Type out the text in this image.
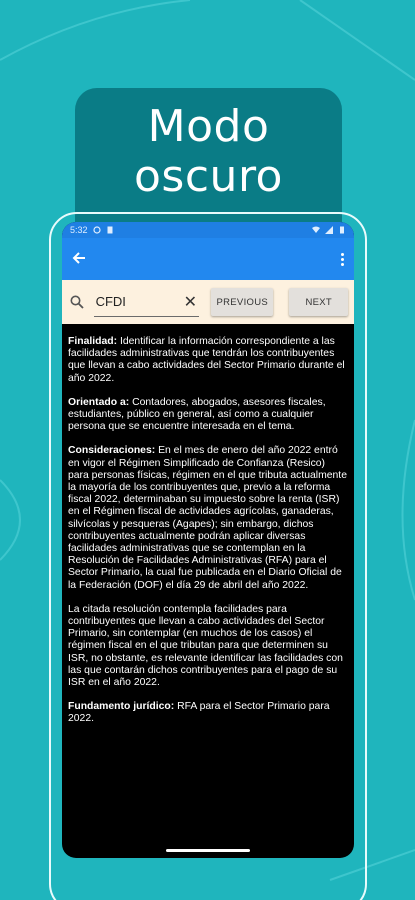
Modo
oscuro
5:32
CFDI
✕	PREVIOUS	NEXT

Finalidad: Identificar la información correspondiente a las facilidades administrativas que tendrán los contribuyentes que llevan a cabo actividades del Sector Primario durante el año 2022.

Orientado a: Contadores, abogados, asesores fiscales, estudiantes, público en general, así como a cualquier persona que se encuentre interesada en el tema.

Consideraciones: En el mes de enero del año 2022 entró en vigor el Régimen Simplificado de Confianza (Resico) para personas físicas, régimen en el que tributa actualmente la mayoría de los contribuyentes que, previo a la reforma fiscal 2022, determinaban su impuesto sobre la renta (ISR) en el Régimen fiscal de actividades agrícolas, ganaderas, silvícolas y pesqueras (Agapes); sin embargo, dichos contribuyentes actualmente podrán aplicar diversas facilidades administrativas que se contemplan en la Resolución de Facilidades Administrativas (RFA) para el Sector Primario, la cual fue publicada en el Diario Oficial de la Federación (DOF) el día 29 de abril del año 2022.

La citada resolución contempla facilidades para contribuyentes que llevan a cabo actividades del Sector Primario, sin contemplar (en muchos de los casos) el régimen fiscal en el que tributan para que determinen su ISR, no obstante, es relevante identificar las facilidades con las que contarán dichos contribuyentes para el pago de su ISR en el año 2022.

Fundamento jurídico: RFA para el Sector Primario para 2022.
